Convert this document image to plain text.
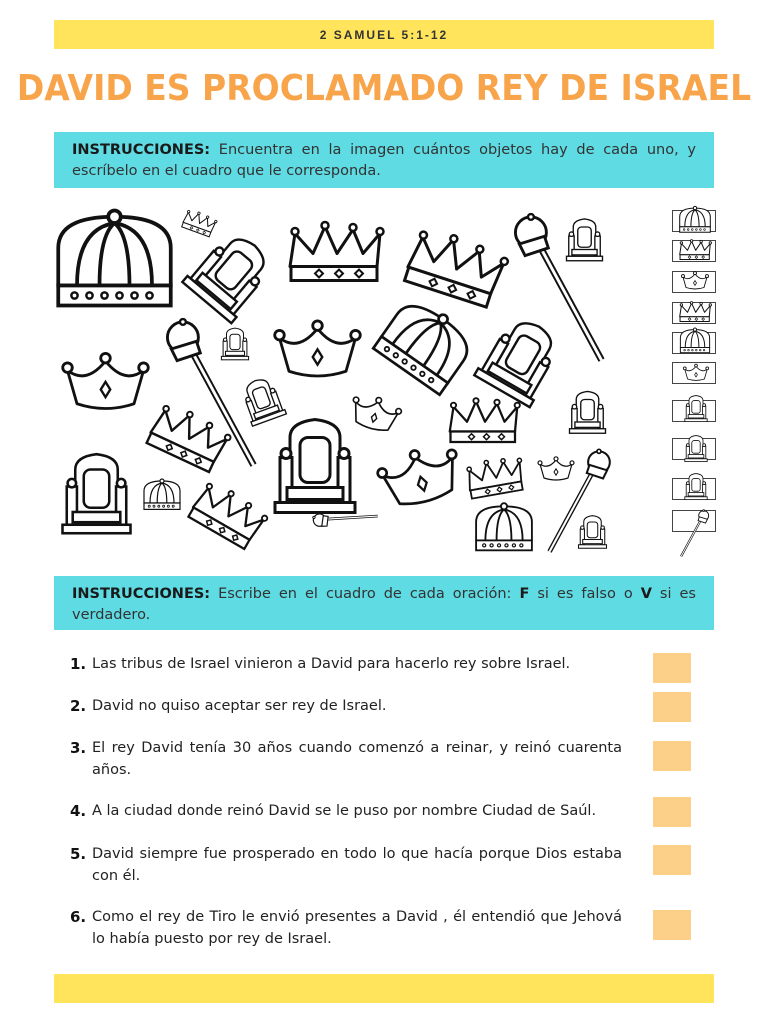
2 SAMUEL 5:1-12
DAVID ES PROCLAMADO REY DE ISRAEL
INSTRUCCIONES: Encuentra en la imagen cuántos objetos hay de cada uno, y escríbelo en el cuadro que le corresponda.
INSTRUCCIONES: Escribe en el cuadro de cada oración: F si es falso o V si es verdadero.
1. Las tribus de Israel vinieron a David para hacerlo rey sobre Israel.
2. David no quiso aceptar ser rey de Israel.
3. El rey David tenía 30 años cuando comenzó a reinar, y reinó cuarenta años.
4. A la ciudad donde reinó David se le puso por nombre Ciudad de Saúl.
5. David siempre fue prosperado en todo lo que hacía porque Dios estaba con él.
6. Como el rey de Tiro le envió presentes a David , él entendió que Jehová lo había puesto por rey de Israel.
